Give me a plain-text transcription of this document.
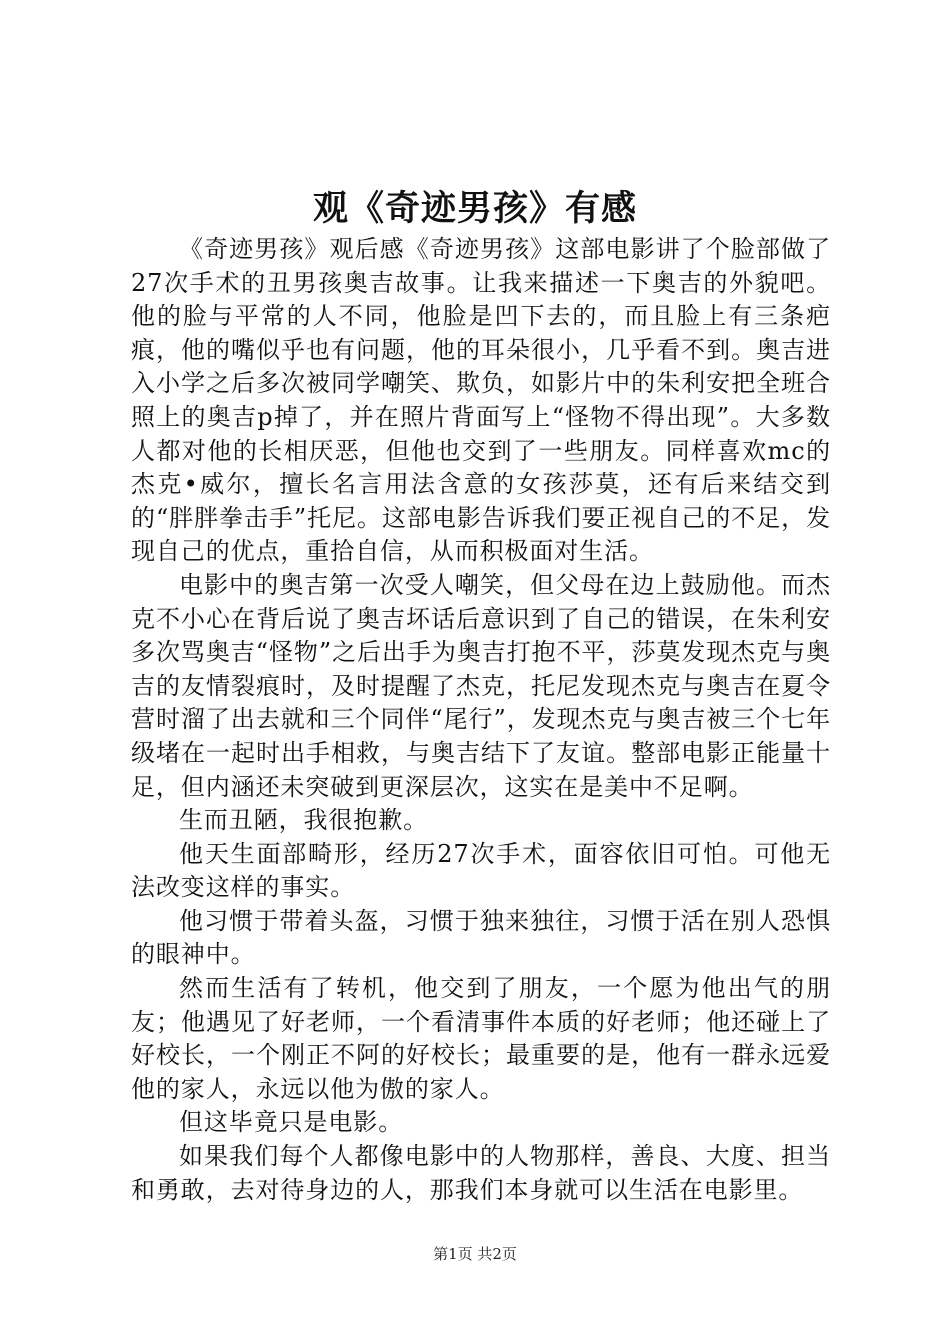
观《奇迹男孩》有感

《奇迹男孩》观后感《奇迹男孩》这部电影讲了个脸部做了27次手术的丑男孩奥吉故事。让我来描述一下奥吉的外貌吧。他的脸与平常的人不同，他脸是凹下去的，而且脸上有三条疤痕，他的嘴似乎也有问题，他的耳朵很小，几乎看不到。奥吉进入小学之后多次被同学嘲笑、欺负，如影片中的朱利安把全班合照上的奥吉p掉了，并在照片背面写上“怪物不得出现”。大多数人都对他的长相厌恶，但他也交到了一些朋友。同样喜欢mc的杰克•威尔，擅长名言用法含意的女孩莎莫，还有后来结交到的“胖胖拳击手”托尼。这部电影告诉我们要正视自己的不足，发现自己的优点，重拾自信，从而积极面对生活。

电影中的奥吉第一次受人嘲笑，但父母在边上鼓励他。而杰克不小心在背后说了奥吉坏话后意识到了自己的错误，在朱利安多次骂奥吉“怪物”之后出手为奥吉打抱不平，莎莫发现杰克与奥吉的友情裂痕时，及时提醒了杰克，托尼发现杰克与奥吉在夏令营时溜了出去就和三个同伴“尾行”，发现杰克与奥吉被三个七年级堵在一起时出手相救，与奥吉结下了友谊。整部电影正能量十足，但内涵还未突破到更深层次，这实在是美中不足啊。

生而丑陋，我很抱歉。

他天生面部畸形，经历27次手术，面容依旧可怕。可他无法改变这样的事实。

他习惯于带着头盔，习惯于独来独往，习惯于活在别人恐惧的眼神中。

然而生活有了转机，他交到了朋友，一个愿为他出气的朋友；他遇见了好老师，一个看清事件本质的好老师；他还碰上了好校长，一个刚正不阿的好校长；最重要的是，他有一群永远爱他的家人，永远以他为傲的家人。

但这毕竟只是电影。

如果我们每个人都像电影中的人物那样，善良、大度、担当和勇敢，去对待身边的人，那我们本身就可以生活在电影里。

第1页 共2页
